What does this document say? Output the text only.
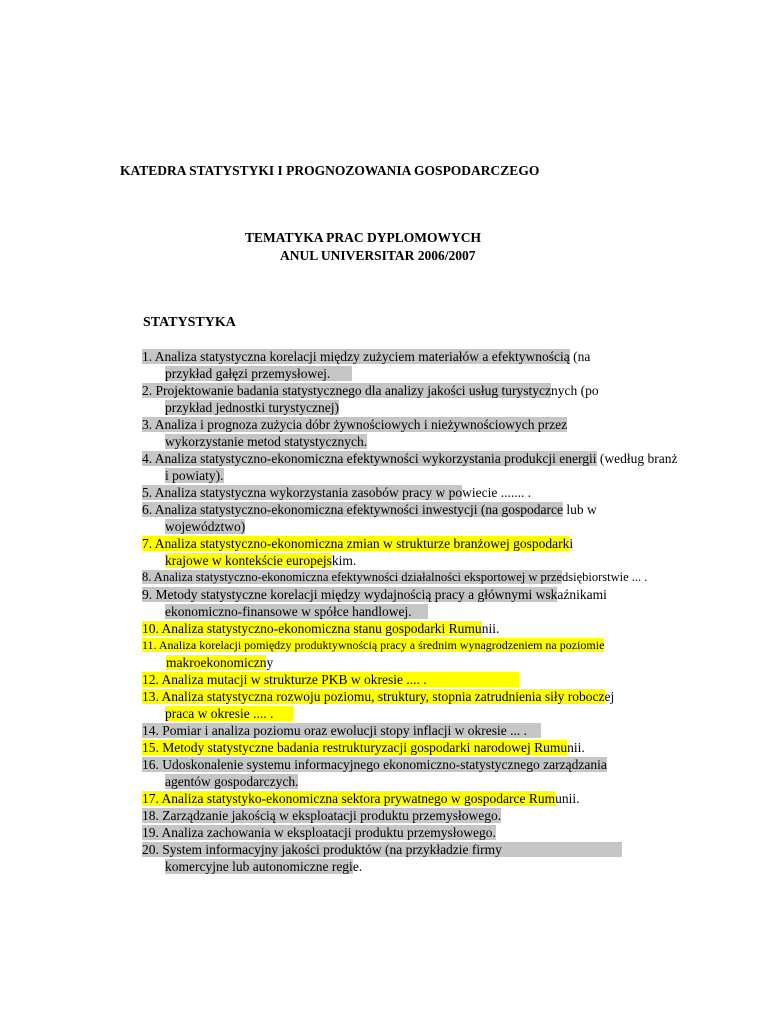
KATEDRA STATYSTYKI I PROGNOZOWANIA GOSPODARCZEGO
TEMATYKA PRAC DYPLOMOWYCH
ANUL UNIVERSITAR 2006/2007
STATYSTYKA
1. Analiza statystyczna korelacji między zużyciem materiałów a efektywnością (na
przykład gałęzi przemysłowej.
2. Projektowanie badania statystycznego dla analizy jakości usług turystycznych (po
przykład jednostki turystycznej)
3. Analiza i prognoza zużycia dóbr żywnościowych i nieżywnościowych przez
wykorzystanie metod statystycznych.
4. Analiza statystyczno-ekonomiczna efektywności wykorzystania produkcji energii (według branż
i powiaty).
5. Analiza statystyczna wykorzystania zasobów pracy w powiecie ....... .
6. Analiza statystyczno-ekonomiczna efektywności inwestycji (na gospodarce lub w
województwo)
7. Analiza statystyczno-ekonomiczna zmian w strukturze branżowej gospodarki
krajowe w kontekście europejskim.
8. Analiza statystyczno-ekonomiczna efektywności działalności eksportowej w przedsiębiorstwie ... .
9. Metody statystyczne korelacji między wydajnością pracy a głównymi wskaźnikami
ekonomiczno-finansowe w spółce handlowej.
10. Analiza statystyczno-ekonomiczna stanu gospodarki Rumunii.
11. Analiza korelacji pomiędzy produktywnością pracy a średnim wynagrodzeniem na poziomie
makroekonomiczny
12. Analiza mutacji w strukturze PKB w okresie .... .
13. Analiza statystyczna rozwoju poziomu, struktury, stopnia zatrudnienia siły roboczej
praca w okresie .... .
14. Pomiar i analiza poziomu oraz ewolucji stopy inflacji w okresie ... .
15. Metody statystyczne badania restrukturyzacji gospodarki narodowej Rumunii.
16. Udoskonalenie systemu informacyjnego ekonomiczno-statystycznego zarządzania
agentów gospodarczych.
17. Analiza statystyko-ekonomiczna sektora prywatnego w gospodarce Rumunii.
18. Zarządzanie jakością w eksploatacji produktu przemysłowego.
19. Analiza zachowania w eksploatacji produktu przemysłowego.
20. System informacyjny jakości produktów (na przykładzie firmy
komercyjne lub autonomiczne regie.
